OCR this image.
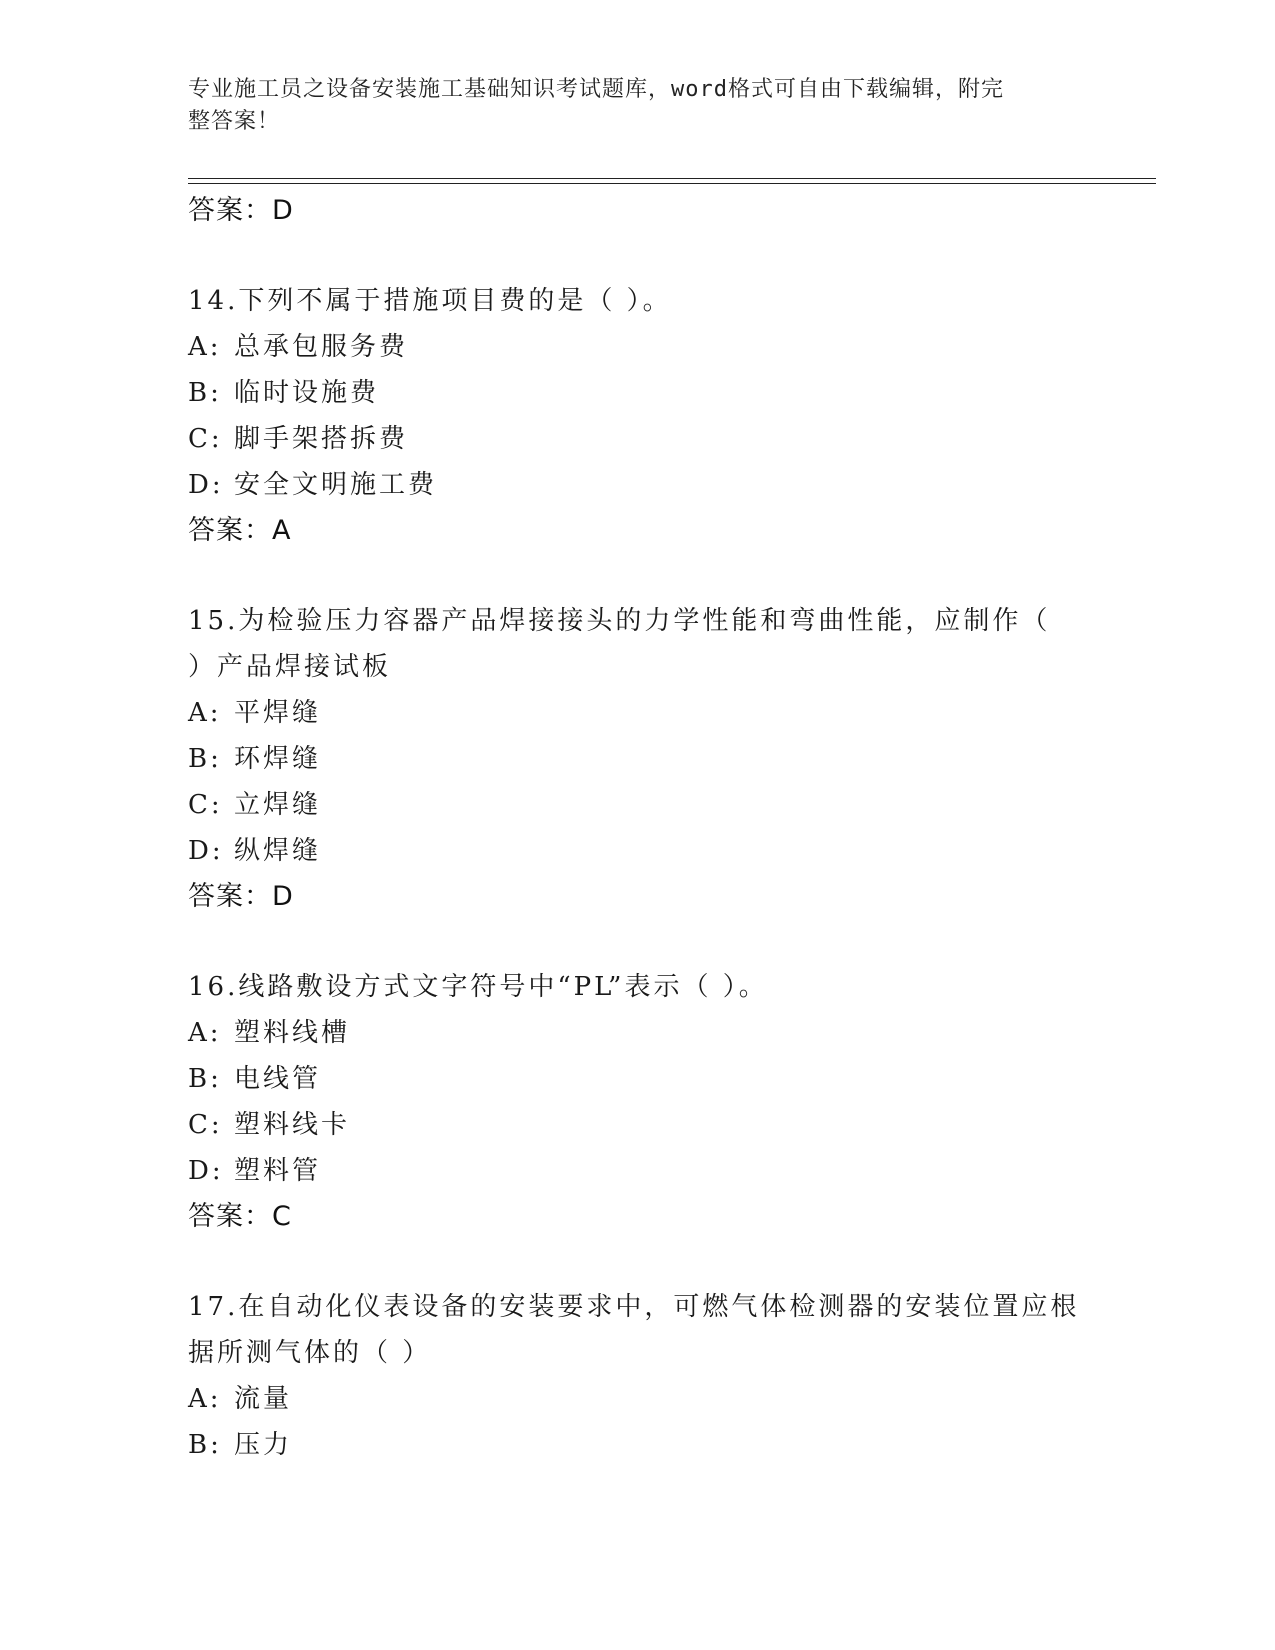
专业施工员之设备安装施工基础知识考试题库，word格式可自由下载编辑，附完
整答案！
答案：D
14.下列不属于措施项目费的是（ ）。
A: 总承包服务费
B: 临时设施费
C: 脚手架搭拆费
D: 安全文明施工费
答案：A
15.为检验压力容器产品焊接接头的力学性能和弯曲性能，应制作（
）产品焊接试板
A: 平焊缝
B: 环焊缝
C: 立焊缝
D: 纵焊缝
答案：D
16.线路敷设方式文字符号中“PL”表示（ ）。
A: 塑料线槽
B: 电线管
C: 塑料线卡
D: 塑料管
答案：C
17.在自动化仪表设备的安装要求中，可燃气体检测器的安装位置应根
据所测气体的（ ）
A: 流量
B: 压力
